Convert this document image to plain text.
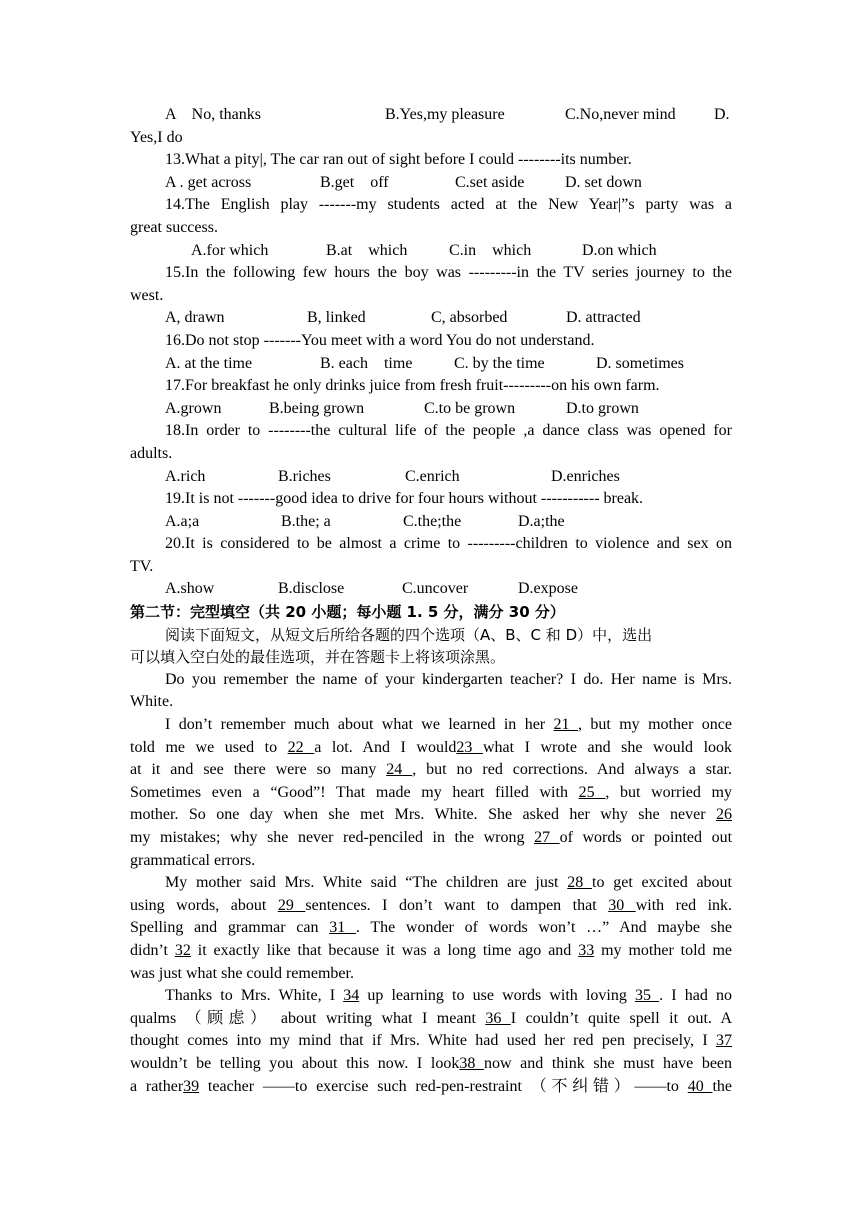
A　No, thanks	B.Yes,my pleasure	C.No,never mind D.
Yes,I do
13.What a pity|, The car ran out of sight before I could --------its number.
A . get across	B.get　off	C.set aside	D. set down
14.The English play -------my students acted at the New Year|”s party was a
great success.
A.for which	B.at　which	C.in　which	D.on which
15.In the following few hours the boy was ---------in the TV series journey to the
west.
A, drawn	B, linked	C, absorbed	D. attracted
16.Do not stop -------You meet with a word You do not understand.
A. at the time	B. each　time	C. by the time	D. sometimes
17.For breakfast he only drinks juice from fresh fruit---------on his own farm.
A.grown	B.being grown	C.to be grown	D.to grown
18.In order to --------the cultural life of the people ,a dance class was opened for
adults.
A.rich	B.riches	C.enrich	D.enriches
19.It is not -------good idea to drive for four hours without ----------- break.
A.a;a	B.the; a	C.the;the	D.a;the
20.It is considered to be almost a crime to ---------children to violence and sex on
TV.
A.show	B.disclose	C.uncover	D.expose
第二节：完型填空（共 20 小题；每小题 1. 5 分，满分 30 分）
阅读下面短文，从短文后所给各题的四个选项（A、B、C 和 D）中，选出
可以填入空白处的最佳选项，并在答题卡上将该项涂黑。
Do you remember the name of your kindergarten teacher? I do. Her name is Mrs.
White.
I don’t remember much about what we learned in her 21 , but my mother once
told me we used to 22 a lot. And I would23 what I wrote and she would look
at it and see there were so many 24 , but no red corrections. And always a star.
Sometimes even a “Good”! That made my heart filled with 25 , but worried my
mother. So one day when she met Mrs. White. She asked her why she never 26
my mistakes; why she never red-penciled in the wrong 27 of words or pointed out
grammatical errors.
My mother said Mrs. White said “The children are just 28 to get excited about
using words, about 29 sentences. I don’t want to dampen that 30 with red ink.
Spelling and grammar can 31 . The wonder of words won’t …” And maybe she
didn’t 32 it exactly like that because it was a long time ago and 33 my mother told me
was just what she could remember.
Thanks to Mrs. White, I 34 up learning to use words with loving 35 . I had no
qualms （顾虑） about writing what I meant 36 I couldn’t quite spell it out. A
thought comes into my mind that if Mrs. White had used her red pen precisely, I 37
wouldn’t be telling you about this now. I look38 now and think she must have been
a rather39 teacher ——to exercise such red-pen-restraint （不纠错）——to 40 the
